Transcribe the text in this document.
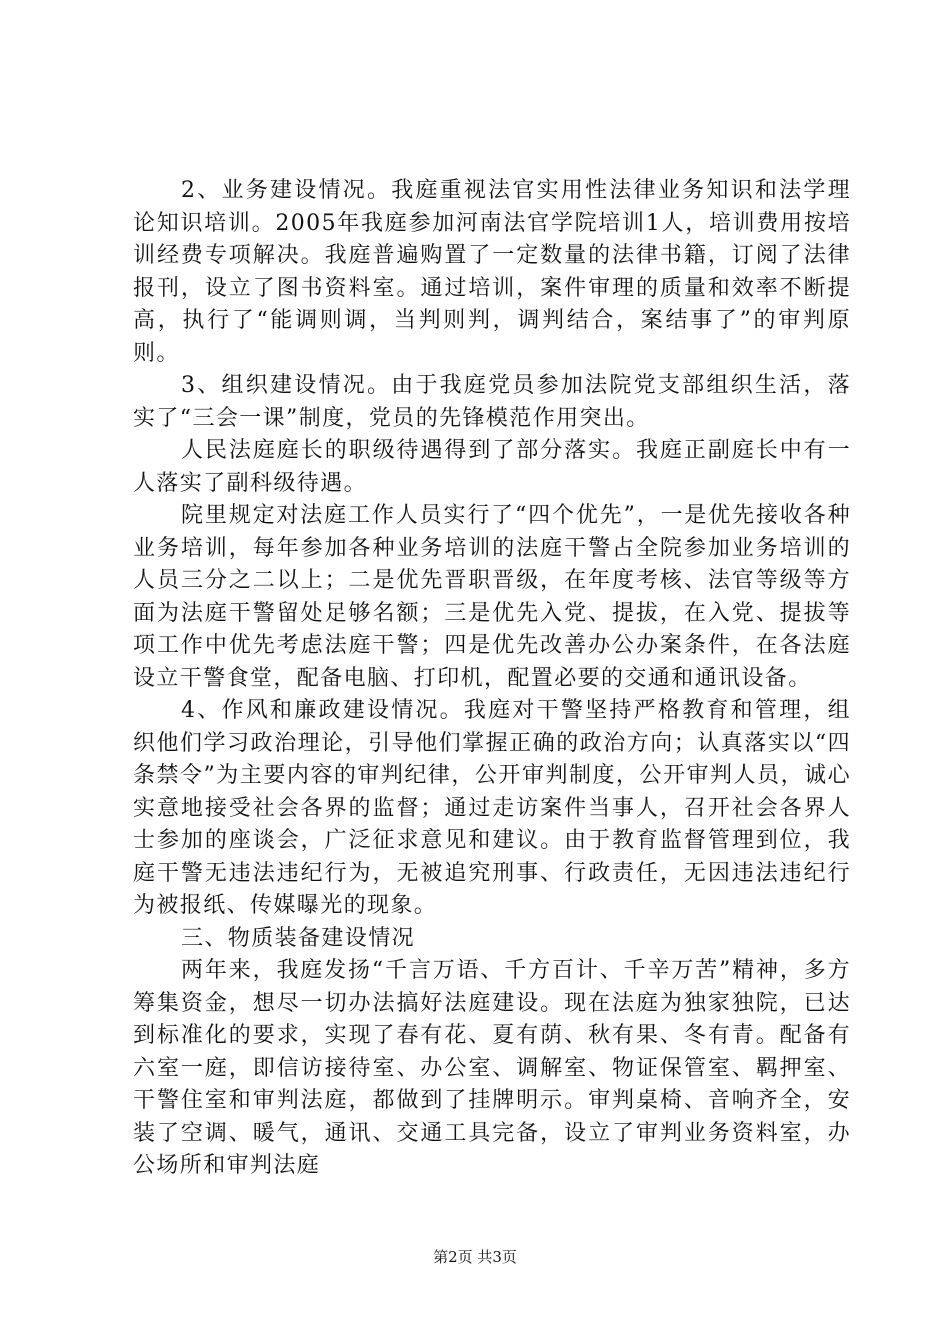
2、业务建设情况。我庭重视法官实用性法律业务知识和法学理论知识培训。2005年我庭参加河南法官学院培训1人，培训费用按培训经费专项解决。我庭普遍购置了一定数量的法律书籍，订阅了法律报刊，设立了图书资料室。通过培训，案件审理的质量和效率不断提高，执行了“能调则调，当判则判，调判结合，案结事了”的审判原则。

3、组织建设情况。由于我庭党员参加法院党支部组织生活，落实了“三会一课”制度，党员的先锋模范作用突出。

人民法庭庭长的职级待遇得到了部分落实。我庭正副庭长中有一人落实了副科级待遇。

院里规定对法庭工作人员实行了“四个优先”，一是优先接收各种业务培训，每年参加各种业务培训的法庭干警占全院参加业务培训的人员三分之二以上；二是优先晋职晋级，在年度考核、法官等级等方面为法庭干警留处足够名额；三是优先入党、提拔，在入党、提拔等项工作中优先考虑法庭干警；四是优先改善办公办案条件，在各法庭设立干警食堂，配备电脑、打印机，配置必要的交通和通讯设备。

4、作风和廉政建设情况。我庭对干警坚持严格教育和管理，组织他们学习政治理论，引导他们掌握正确的政治方向；认真落实以“四条禁令”为主要内容的审判纪律，公开审判制度，公开审判人员，诚心实意地接受社会各界的监督；通过走访案件当事人，召开社会各界人士参加的座谈会，广泛征求意见和建议。由于教育监督管理到位，我庭干警无违法违纪行为，无被追究刑事、行政责任，无因违法违纪行为被报纸、传媒曝光的现象。

三、物质装备建设情况

两年来，我庭发扬“千言万语、千方百计、千辛万苦”精神，多方筹集资金，想尽一切办法搞好法庭建设。现在法庭为独家独院，已达到标准化的要求，实现了春有花、夏有荫、秋有果、冬有青。配备有六室一庭，即信访接待室、办公室、调解室、物证保管室、羁押室、干警住室和审判法庭，都做到了挂牌明示。审判桌椅、音响齐全，安装了空调、暖气，通讯、交通工具完备，设立了审判业务资料室，办公场所和审判法庭

第2页 共3页
